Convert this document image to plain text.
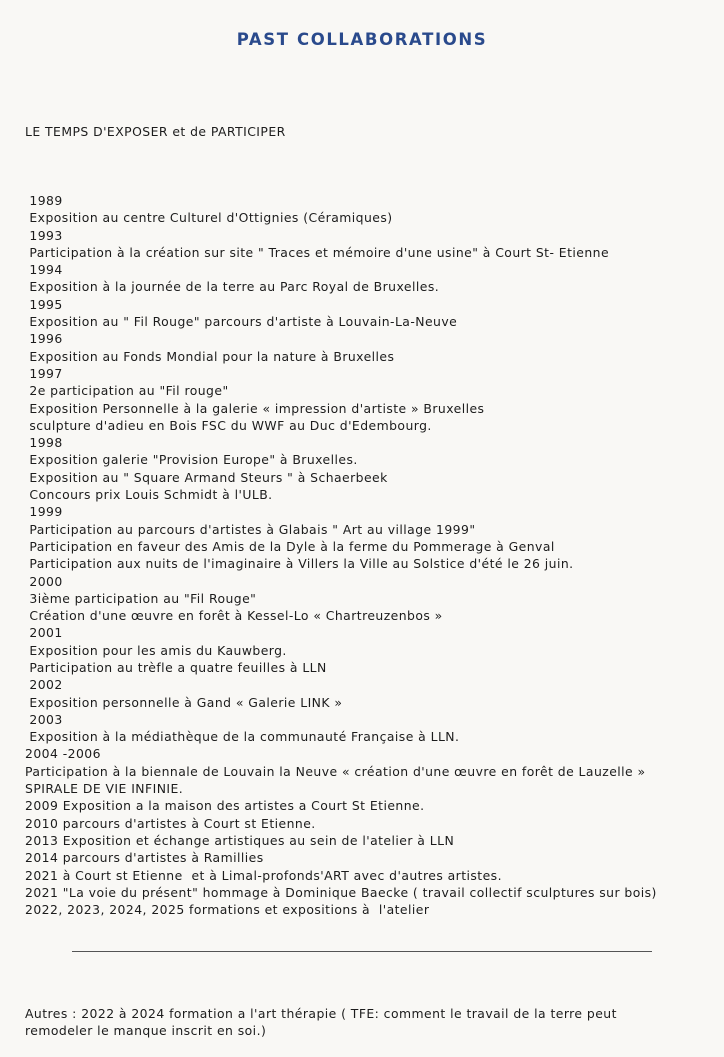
PAST COLLABORATIONS

LE TEMPS D'EXPOSER et de PARTICIPER

1989
Exposition au centre Culturel d'Ottignies (Céramiques)
1993
Participation à la création sur site " Traces et mémoire d'une usine" à Court St- Etienne
1994
Exposition à la journée de la terre au Parc Royal de Bruxelles.
1995
Exposition au " Fil Rouge" parcours d'artiste à Louvain-La-Neuve
1996
Exposition au Fonds Mondial pour la nature à Bruxelles
1997
2e participation au "Fil rouge"
Exposition Personnelle à la galerie « impression d'artiste » Bruxelles
sculpture d'adieu en Bois FSC du WWF au Duc d'Edembourg.
1998
Exposition galerie "Provision Europe" à Bruxelles.
Exposition au " Square Armand Steurs " à Schaerbeek
Concours prix Louis Schmidt à l'ULB.
1999
Participation au parcours d'artistes à Glabais " Art au village 1999"
Participation en faveur des Amis de la Dyle à la ferme du Pommerage à Genval
Participation aux nuits de l'imaginaire à Villers la Ville au Solstice d'été le 26 juin.
2000
3ième participation au "Fil Rouge"
Création d'une œuvre en forêt à Kessel-Lo « Chartreuzenbos »
2001
Exposition pour les amis du Kauwberg.
Participation au trèfle a quatre feuilles à LLN
2002
Exposition personnelle à Gand « Galerie LINK »
2003
Exposition à la médiathèque de la communauté Française à LLN.
2004 -2006
Participation à la biennale de Louvain la Neuve « création d'une œuvre en forêt de Lauzelle »
SPIRALE DE VIE INFINIE.
2009 Exposition a la maison des artistes a Court St Etienne.
2010 parcours d'artistes à Court st Etienne.
2013 Exposition et échange artistiques au sein de l'atelier à LLN
2014 parcours d'artistes à Ramillies
2021 à Court st Etienne  et à Limal-profonds'ART avec d'autres artistes.
2021 "La voie du présent" hommage à Dominique Baecke ( travail collectif sculptures sur bois)
2022, 2023, 2024, 2025 formations et expositions à  l'atelier

Autres : 2022 à 2024 formation a l'art thérapie ( TFE: comment le travail de la terre peut
remodeler le manque inscrit en soi.)
